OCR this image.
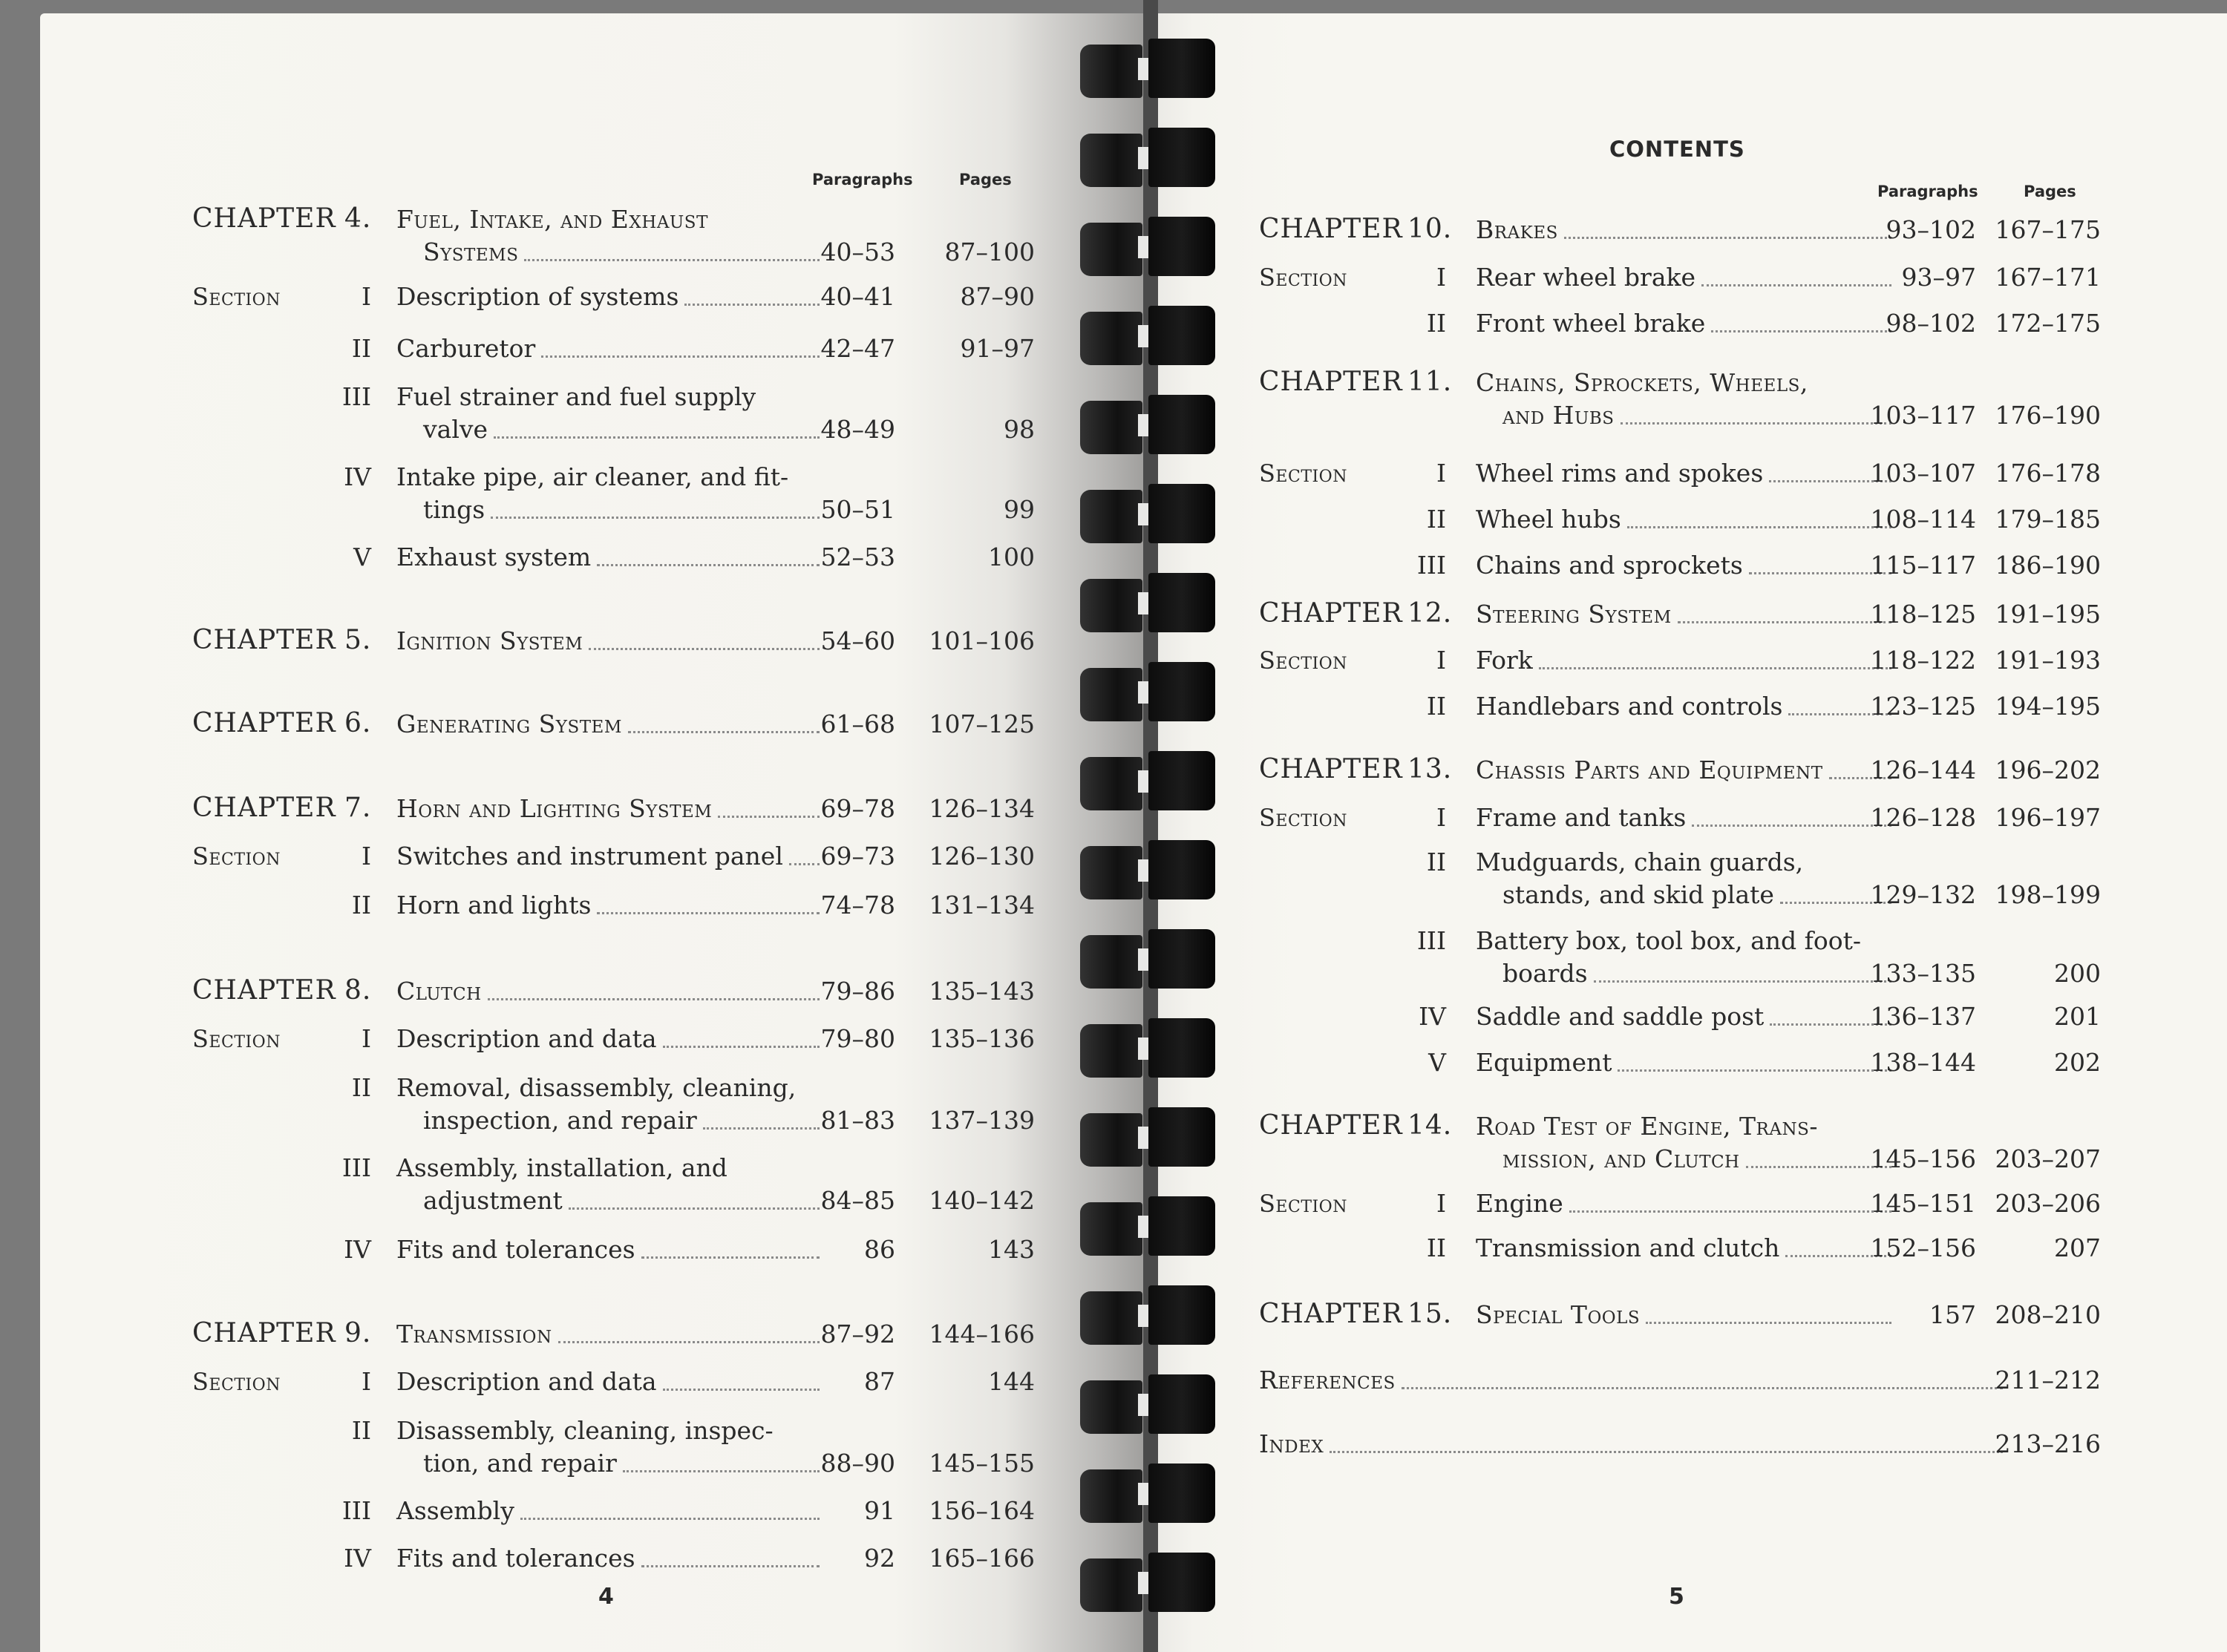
Paragraphs	Pages
CHAPTER 4. Fuel, Intake, and Exhaust
Systems	40–53	87–100
Section	I Description of systems	40–41	87–90
II Carburetor	42–47	91–97
III Fuel strainer and fuel supply
valve	48–49	98
IV Intake pipe, air cleaner, and fit-
tings	50–51	99
V Exhaust system	52–53	100
CHAPTER 5. Ignition System	54–60	101–106
CHAPTER 6. Generating System	61–68	107–125
CHAPTER 7. Horn and Lighting System	69–78	126–134
Section	I Switches and instrument panel	69–73	126–130
II Horn and lights	74–78	131–134
CHAPTER 8. Clutch	79–86	135–143
Section	I Description and data	79–80	135–136
II Removal, disassembly, cleaning,
inspection, and repair	81–83	137–139
III Assembly, installation, and
adjustment	84–85	140–142
IV Fits and tolerances	86	143
CHAPTER 9. Transmission	87–92	144–166
Section	I Description and data	87	144
II Disassembly, cleaning, inspec-
tion, and repair	88–90	145–155
III Assembly	91	156–164
IV Fits and tolerances	92	165–166
4
CONTENTS
Paragraphs	Pages
CHAPTER 10. Brakes	93–102 167–175
Section	I Rear wheel brake	93–97 167–171
II Front wheel brake	98–102 172–175
CHAPTER 11. Chains, Sprockets, Wheels,
and Hubs	103–117 176–190
Section	I Wheel rims and spokes	103–107 176–178
II Wheel hubs	108–114 179–185
III Chains and sprockets	115–117 186–190
CHAPTER 12. Steering System	118–125 191–195
Section	I Fork	118–122 191–193
II Handlebars and controls	123–125 194–195
CHAPTER 13. Chassis Parts and Equipment	126–144 196–202
Section	I Frame and tanks	126–128 196–197
II Mudguards, chain guards,
stands, and skid plate	129–132 198–199
III Battery box, tool box, and foot-
boards	133–135	200
IV Saddle and saddle post	136–137	201
V Equipment	138–144	202
CHAPTER 14. Road Test of Engine, Trans-
mission, and Clutch	145–156 203–207
Section	I Engine	145–151 203–206
II Transmission and clutch	152–156	207
CHAPTER 15. Special Tools	157 208–210
References	211–212
Index	213–216
5
